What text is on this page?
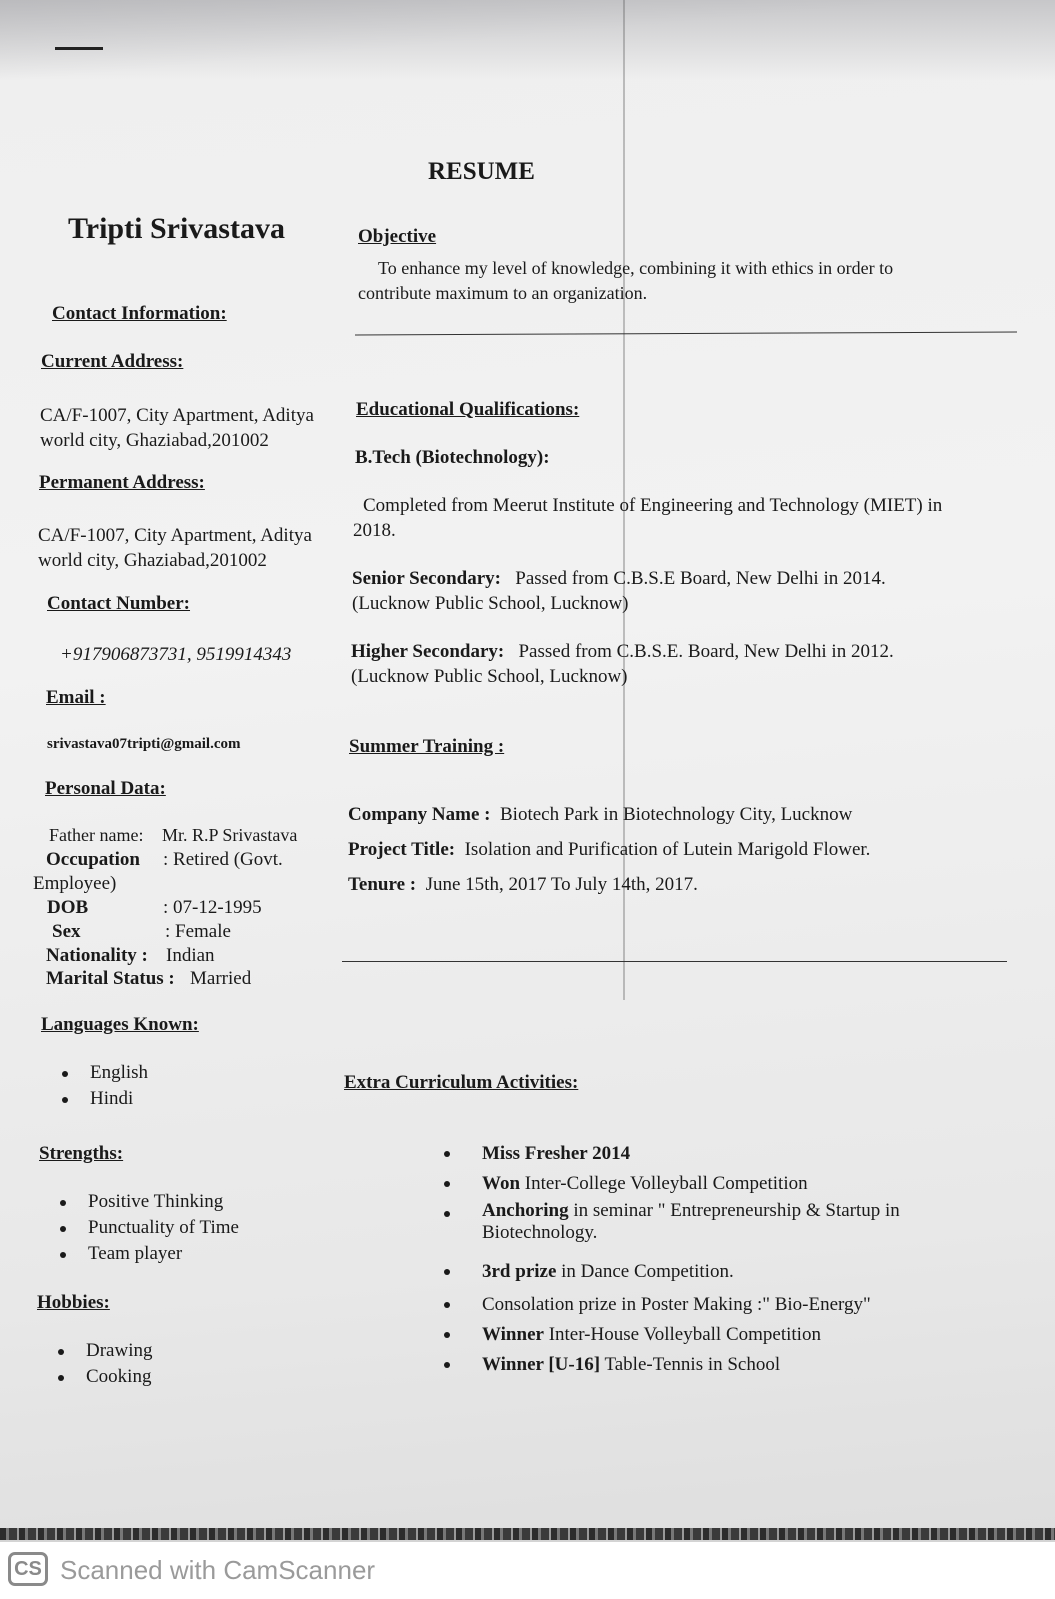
RESUME
Tripti Srivastava
Contact Information:
Current Address:
CA/F-1007, City Apartment, Aditya
world city, Ghaziabad,201002
Permanent Address:
CA/F-1007, City Apartment, Aditya
world city, Ghaziabad,201002
Contact Number:
+917906873731, 9519914343
Email :
srivastava07tripti@gmail.com
Personal Data:
Father name: Mr. R.P Srivastava
Occupation : Retired (Govt.
Employee)
DOB	: 07-12-1995
Sex	: Female
Nationality : Indian
Marital Status : Married
Languages Known:
English
Hindi
Strengths:
Positive Thinking
Punctuality of Time
Team player
Hobbies:
Drawing
Cooking
Objective
To enhance my level of knowledge, combining it with ethics in order to
contribute maximum to an organization.
Educational Qualifications:
B.Tech (Biotechnology):
Completed from Meerut Institute of Engineering and Technology (MIET) in
2018.
Senior Secondary: Passed from C.B.S.E Board, New Delhi in 2014.
(Lucknow Public School, Lucknow)
Higher Secondary: Passed from C.B.S.E. Board, New Delhi in 2012.
(Lucknow Public School, Lucknow)
Summer Training :
Company Name : Biotech Park in Biotechnology City, Lucknow
Project Title: Isolation and Purification of Lutein Marigold Flower.
Tenure : June 15th, 2017 To July 14th, 2017.
Extra Curriculum Activities:
Miss Fresher 2014
Won Inter-College Volleyball Competition
Anchoring in seminar " Entrepreneurship & Startup in Biotechnology.
3rd prize in Dance Competition.
Consolation prize in Poster Making :" Bio-Energy"
Winner Inter-House Volleyball Competition
Winner [U-16] Table-Tennis in School
CS Scanned with CamScanner
